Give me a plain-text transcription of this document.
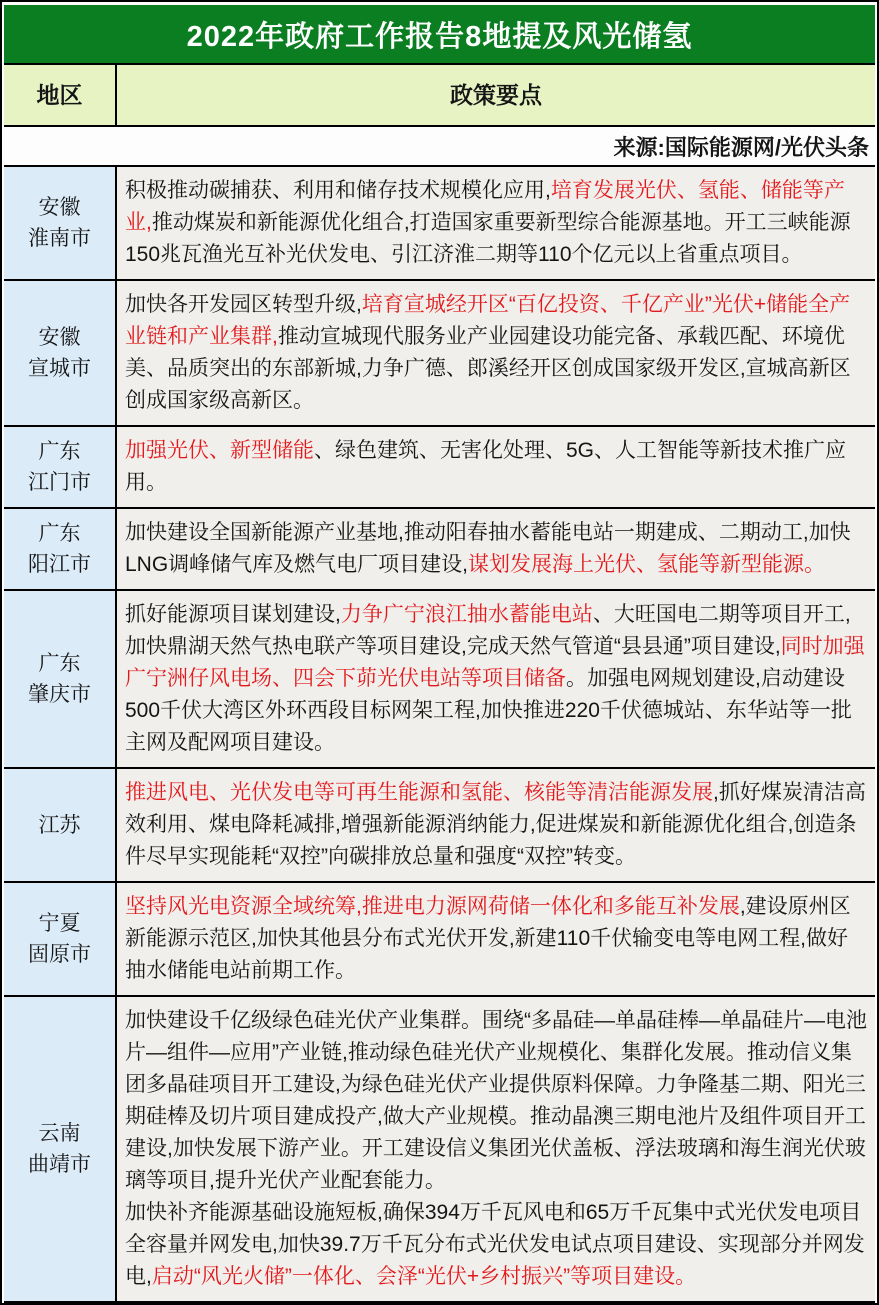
2022年政府工作报告8地提及风光储氢
地区	政策要点
来源:国际能源网/光伏头条
安徽
淮南市
积极推动碳捕获、利用和储存技术规模化应用,培育发展光伏、氢能、储能等产业,推动煤炭和新能源优化组合,打造国家重要新型综合能源基地。开工三峡能源150兆瓦渔光互补光伏发电、引江济淮二期等110个亿元以上省重点项目。
安徽
宣城市
加快各开发园区转型升级,培育宣城经开区“百亿投资、千亿产业”光伏+储能全产业链和产业集群,推动宣城现代服务业产业园建设功能完备、承载匹配、环境优美、品质突出的东部新城,力争广德、郎溪经开区创成国家级开发区,宣城高新区创成国家级高新区。
广东
江门市
加强光伏、新型储能、绿色建筑、无害化处理、5G、人工智能等新技术推广应用。
广东
阳江市
加快建设全国新能源产业基地,推动阳春抽水蓄能电站一期建成、二期动工,加快LNG调峰储气库及燃气电厂项目建设,谋划发展海上光伏、氢能等新型能源。
广东
肇庆市
抓好能源项目谋划建设,力争广宁浪江抽水蓄能电站、大旺国电二期等项目开工,加快鼎湖天然气热电联产等项目建设,完成天然气管道“县县通”项目建设,同时加强广宁洲仔风电场、四会下茆光伏电站等项目储备。加强电网规划建设,启动建设500千伏大湾区外环西段目标网架工程,加快推进220千伏德城站、东华站等一批主网及配网项目建设。
江苏
推进风电、光伏发电等可再生能源和氢能、核能等清洁能源发展,抓好煤炭清洁高效利用、煤电降耗减排,增强新能源消纳能力,促进煤炭和新能源优化组合,创造条件尽早实现能耗“双控”向碳排放总量和强度“双控”转变。
宁夏
固原市
坚持风光电资源全域统筹,推进电力源网荷储一体化和多能互补发展,建设原州区新能源示范区,加快其他县分布式光伏开发,新建110千伏输变电等电网工程,做好抽水储能电站前期工作。
云南
曲靖市
加快建设千亿级绿色硅光伏产业集群。围绕“多晶硅—单晶硅棒—单晶硅片—电池片—组件—应用”产业链,推动绿色硅光伏产业规模化、集群化发展。推动信义集团多晶硅项目开工建设,为绿色硅光伏产业提供原料保障。力争隆基二期、阳光三期硅棒及切片项目建成投产,做大产业规模。推动晶澳三期电池片及组件项目开工建设,加快发展下游产业。开工建设信义集团光伏盖板、浮法玻璃和海生润光伏玻璃等项目,提升光伏产业配套能力。
加快补齐能源基础设施短板,确保394万千瓦风电和65万千瓦集中式光伏发电项目全容量并网发电,加快39.7万千瓦分布式光伏发电试点项目建设、实现部分并网发电,启动“风光火储”一体化、会泽“光伏+乡村振兴”等项目建设。
